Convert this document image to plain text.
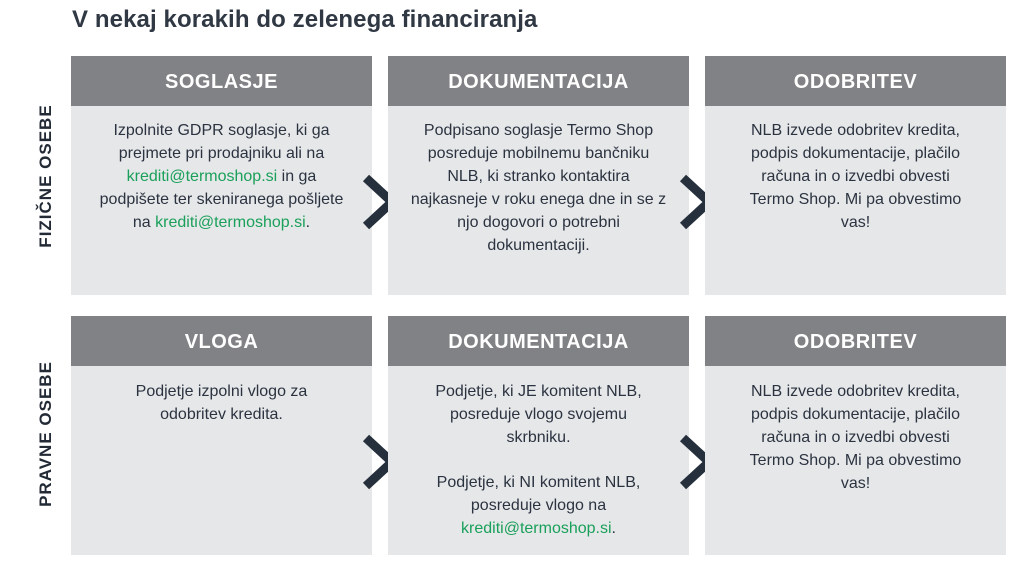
V nekaj korakih do zelenega financiranja
FIZIČNE OSEBE
SOGLASJE
Izpolnite GDPR soglasje, ki ga prejmete pri prodajniku ali na krediti@termoshop.si in ga podpišete ter skeniranega pošljete na krediti@termoshop.si.
DOKUMENTACIJA
Podpisano soglasje Termo Shop posreduje mobilnemu bančniku NLB, ki stranko kontaktira najkasneje v roku enega dne in se z njo dogovori o potrebni dokumentaciji.
ODOBRITEV
NLB izvede odobritev kredita, podpis dokumentacije, plačilo računa in o izvedbi obvesti Termo Shop. Mi pa obvestimo vas!
PRAVNE OSEBE
VLOGA
Podjetje izpolni vlogo za odobritev kredita.
DOKUMENTACIJA
Podjetje, ki JE komitent NLB, posreduje vlogo svojemu skrbniku.
Podjetje, ki NI komitent NLB, posreduje vlogo na krediti@termoshop.si.
ODOBRITEV
NLB izvede odobritev kredita, podpis dokumentacije, plačilo računa in o izvedbi obvesti Termo Shop. Mi pa obvestimo vas!
